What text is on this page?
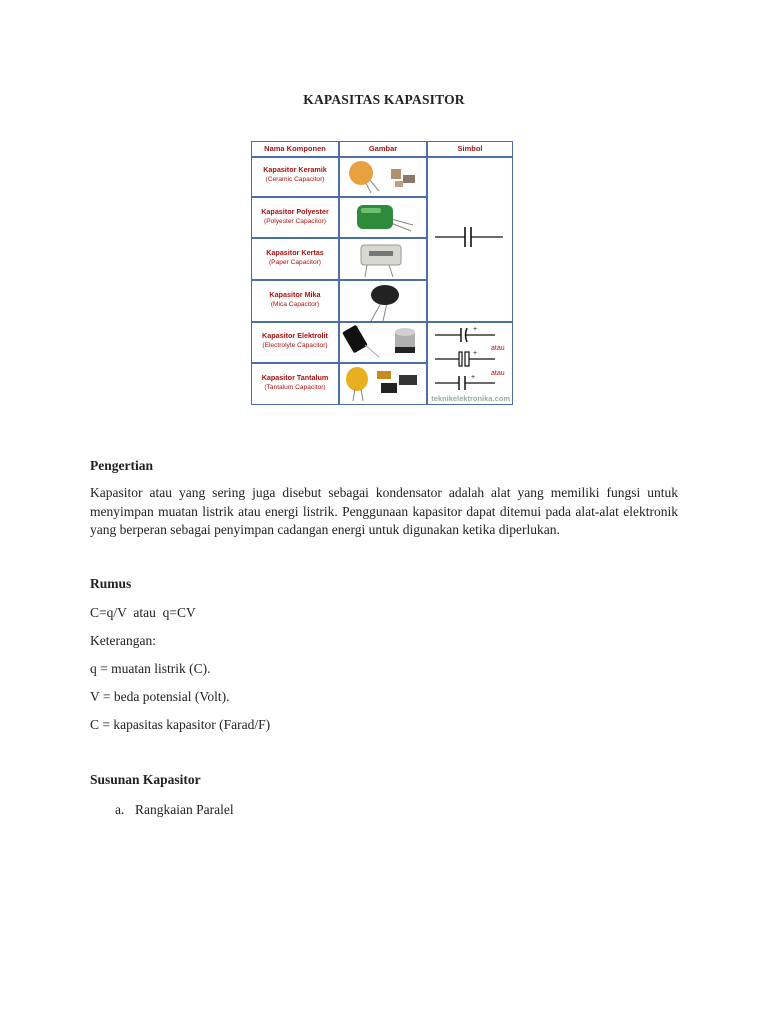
KAPASITAS KAPASITOR
Nama Komponen	Gambar	Simbol
Kapasitor Keramik
(Ceramic Capacitor)
Kapasitor Polyester
(Polyester Capacitor)
Kapasitor Kertas
(Paper Capacitor)
Kapasitor Mika
(Mica Capacitor)
Kapasitor Elektrolit
(Electrolyte Capacitor)
Kapasitor Tantalum
(Tantalum Capacitor)
+
+
+
atau
atau
teknikelektronika.com
Pengertian
Kapasitor atau yang sering juga disebut sebagai kondensator adalah alat yang memiliki fungsi untuk menyimpan muatan listrik atau energi listrik. Penggunaan kapasitor dapat ditemui pada alat-alat elektronik yang berperan sebagai penyimpan cadangan energi untuk digunakan ketika diperlukan.
Rumus
C=q/V  atau  q=CV
Keterangan:
q = muatan listrik (C).
V = beda potensial (Volt).
C = kapasitas kapasitor (Farad/F)
Susunan Kapasitor
a. Rangkaian Paralel
